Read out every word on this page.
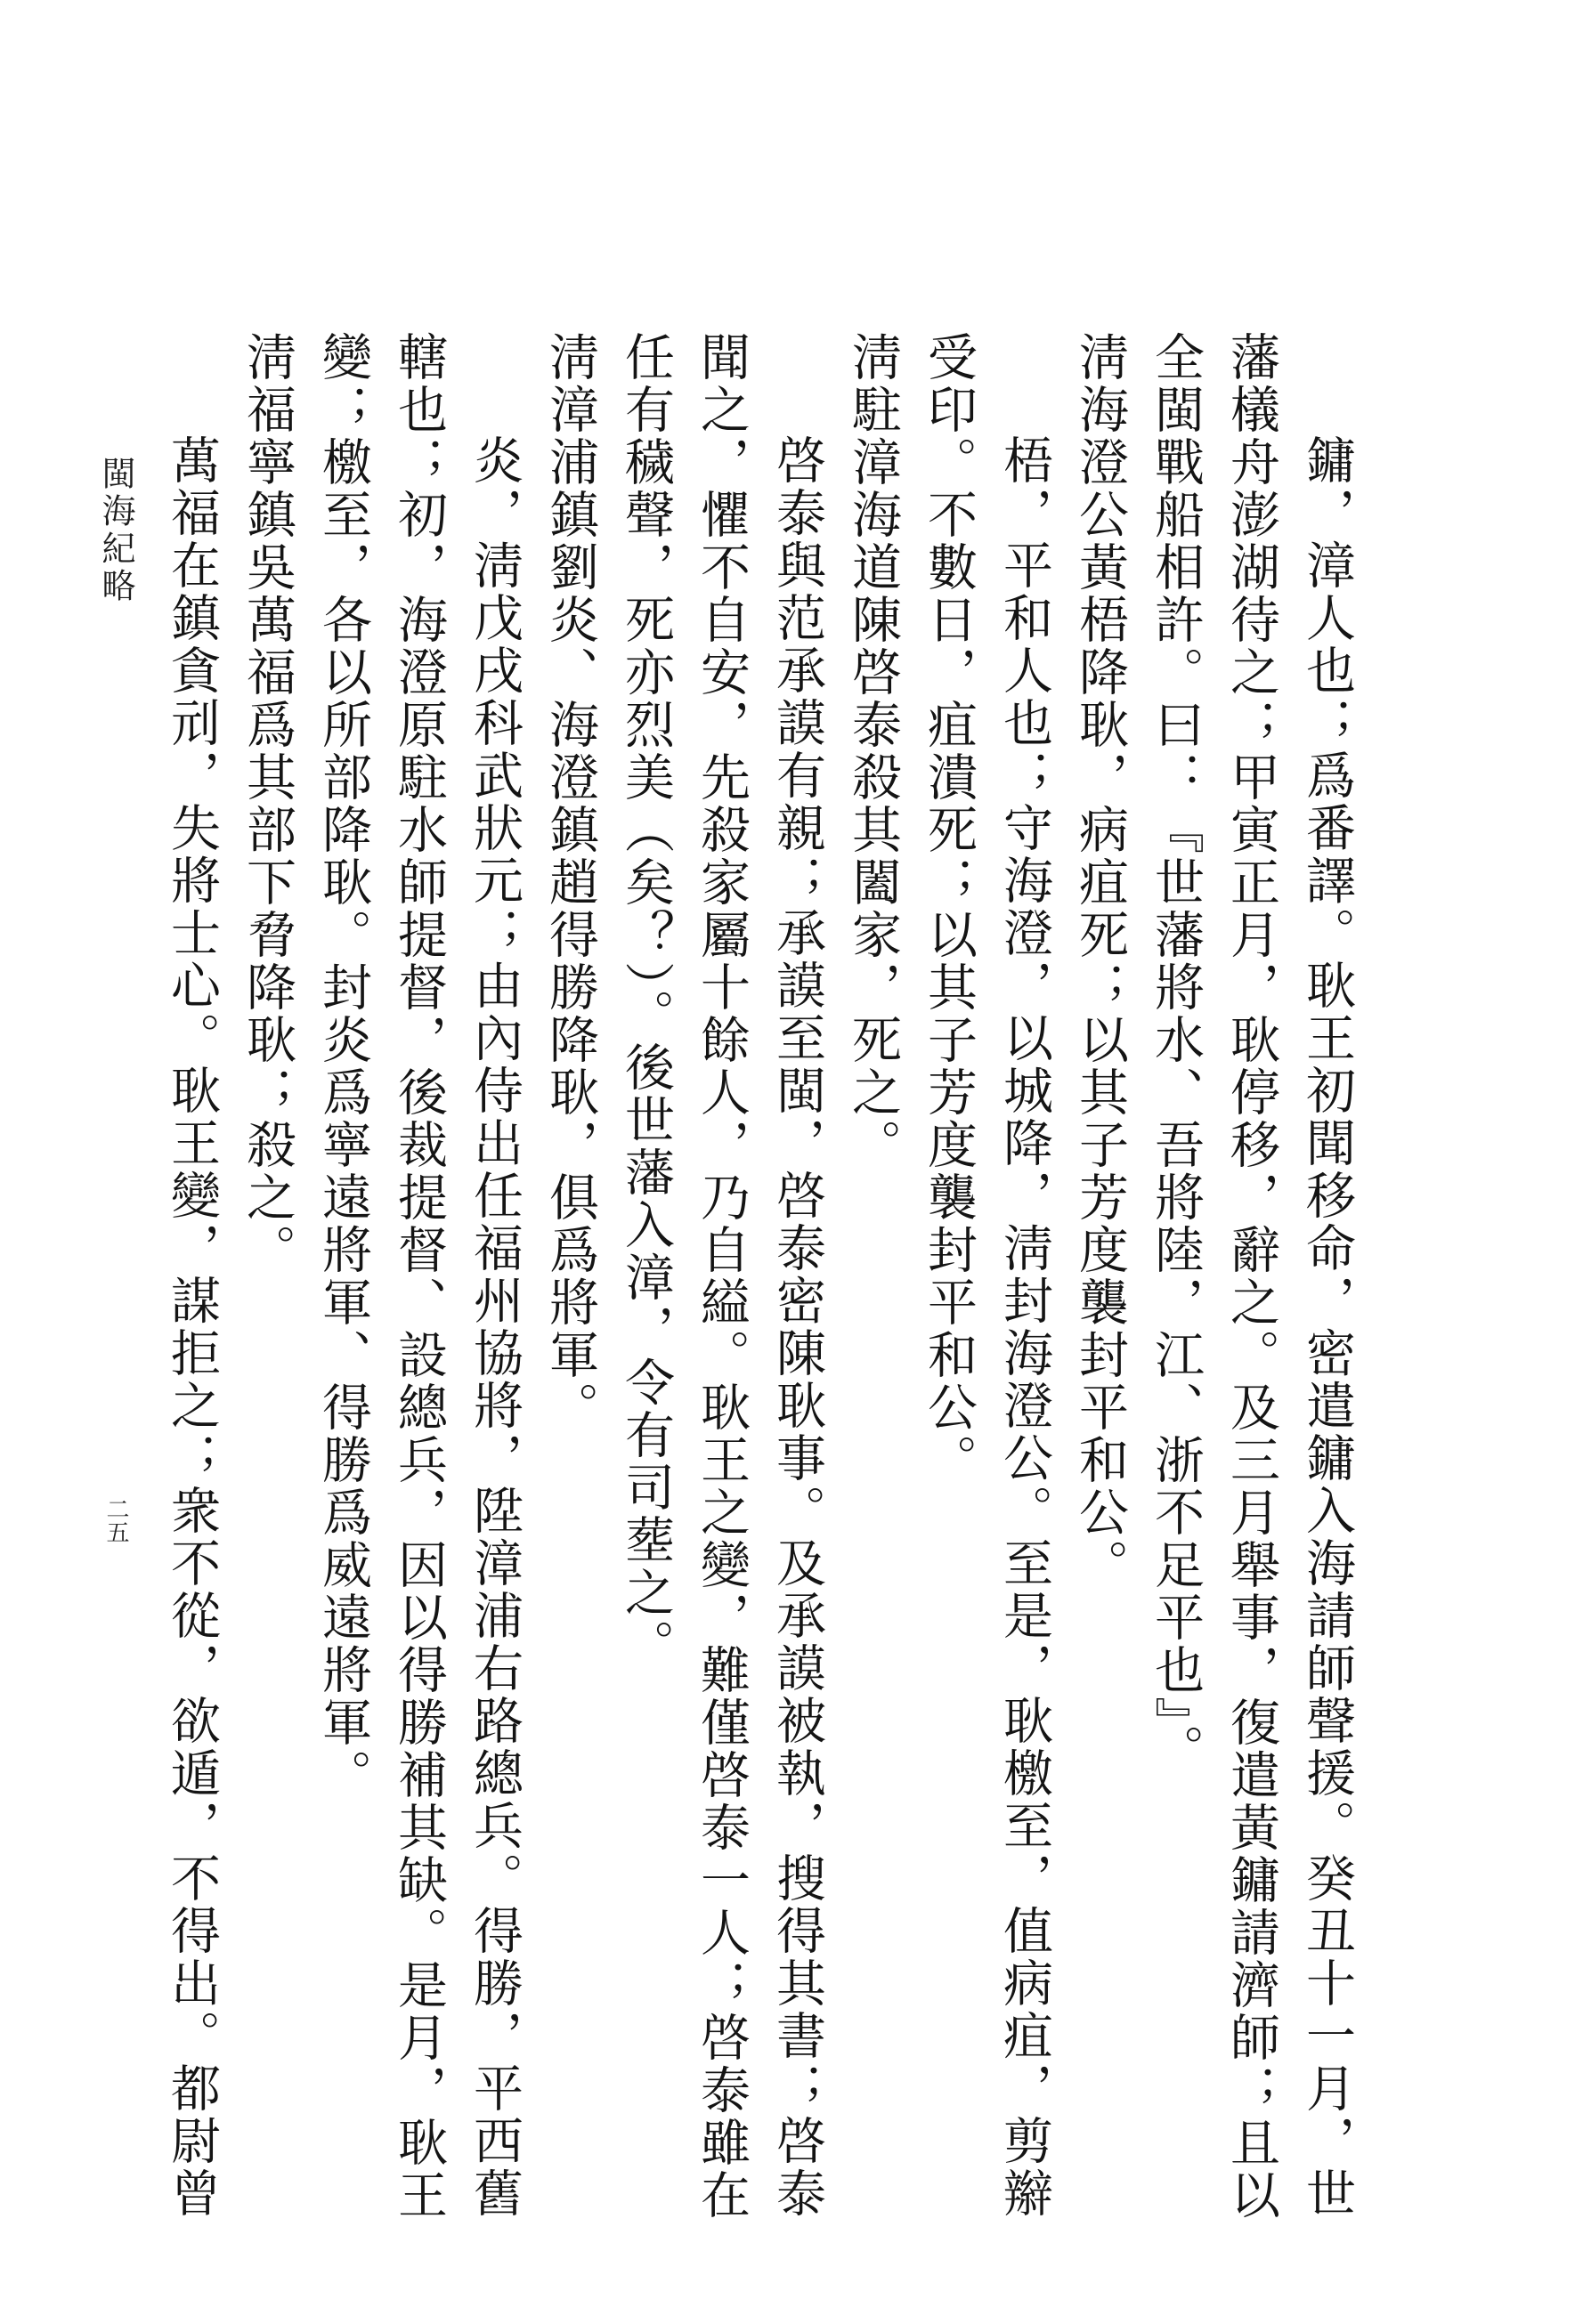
閩海紀略
二五	鏞，漳人也；爲番譯。耿王初聞移命，密遣鏞入海請師聲援。癸丑十一月，世
藩檥舟澎湖待之；甲寅正月，耿停移，辭之。及三月舉事，復遣黃鏞請濟師；且以
全閩戰船相許。曰：『世藩將水、吾將陸，江、浙不足平也』。
淸海澄公黃梧降耿，病疽死；以其子芳度襲封平和公。
梧，平和人也；守海澄，以城降，淸封海澄公。至是，耿檄至，值病疽，剪辮
受印。不數日，疽潰死；以其子芳度襲封平和公。
淸駐漳海道陳啓泰殺其闔家，死之。
啓泰與范承謨有親；承謨至閩，啓泰密陳耿事。及承謨被執，搜得其書；啓泰
聞之，懼不自安，先殺家屬十餘人，乃自縊。耿王之變，難僅啓泰一人；啓泰雖在
任有穢聲，死亦烈美（矣？）。後世藩入漳，令有司塟之。
淸漳浦鎮劉炎、海澄鎮趙得勝降耿，俱爲將軍。
炎，淸戊戌科武狀元；由內侍出任福州協將，陞漳浦右路總兵。得勝，平西舊
轄也；初，海澄原駐水師提督，後裁提督、設總兵，因以得勝補其缺。是月，耿王
變；檄至，各以所部降耿。封炎爲寧遠將軍、得勝爲威遠將軍。
淸福寧鎮吳萬福爲其部下脅降耿；殺之。
萬福在鎮貪刓，失將士心。耿王變，謀拒之；衆不從，欲遁，不得出。都尉曾
